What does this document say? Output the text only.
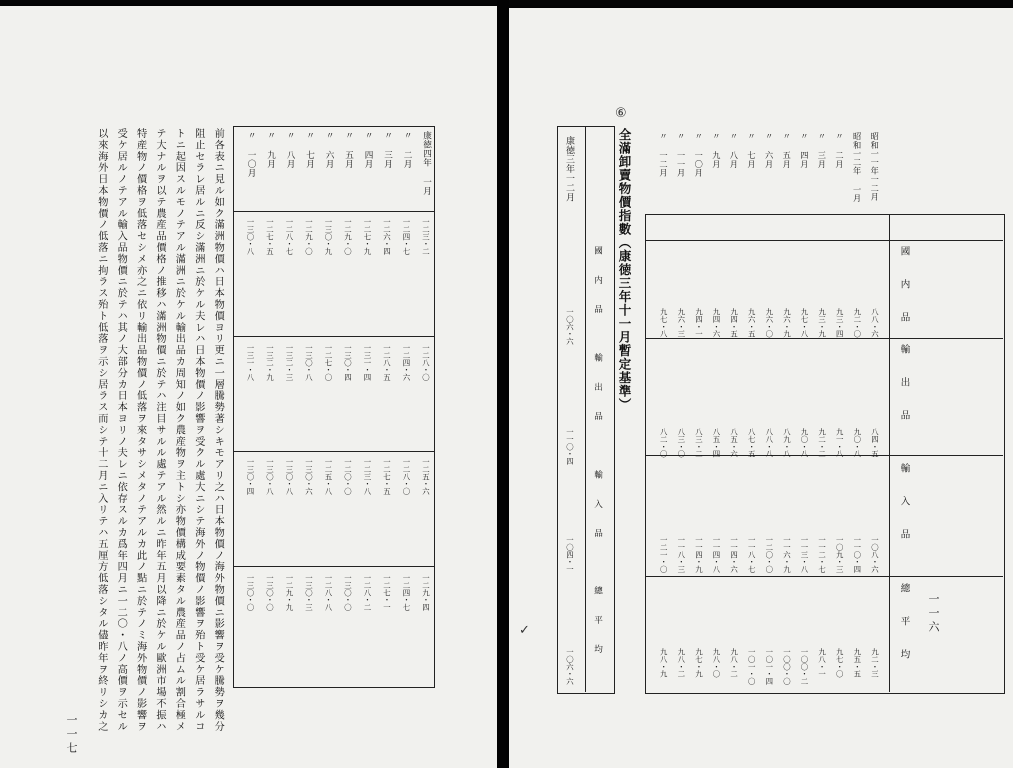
康徳四年 一月
一二三・二
一二八・〇
一二五・六
一二九・四
〃 二月
一二四・七
一二四・六
一二八・〇
一二四・七
〃 三月
一二六・四
一二八・五
一二七・五
一二七・一
〃 四月
一二七・九
一三一・四
一二三・八
一二八・二
〃 五月
一二九・〇
一三〇・四
一二〇・〇
一三〇・〇
〃 六月
一三〇・九
一二七・〇
一二五・八
一二八・八
〃 七月
一二九・〇
一三〇・八
一三〇・六
一三〇・三
〃 八月
一二八・七
一三二・三
一三〇・八
一二九・九
〃 九月
一二七・五
一三二・九
一三〇・八
一三〇・〇
〃 一〇月
一三〇・八
一三一・八
一三〇・四
一三〇・〇
前各表ニ見ル如ク滿洲物價ハ日本物價ヨリ更ニ一層騰勢著シキモアリ之ハ日本物價ノ海外物價ニ影響ヲ受ケ騰勢ヲ幾分
阻止セラレ居ルニ反シ滿洲ニ於ケル夫レハ日本物價ノ影響ヲ受クル處大ニシテ海外ノ物價ノ影響ヲ殆ト受ケ居ラサルコ
トニ起因スルモノテアル滿洲ニ於ケル輸出品カ周知ノ如ク農産物ヲ主トシ亦物價構成要素タル農産品ノ占ムル割合極メ
テ大ナルヲ以テ農産品價格ノ推移ハ滿洲物價ニ於テハ注目サルル處テアル然ルニ昨年五月以降ニ於ケル歐洲市場不振ハ
特産物ノ價格ヲ低落セシメ亦之ニ依リ輸出品物價ノ低落ヲ來タサシメタノテアルカ此ノ點ニ於テノミ海外物價ノ影響ヲ
受ケ居ルノテアル輸入品物價ニ於テハ其ノ大部分カ日本ヨリノ夫レニ依存スルカ爲年四月ニ一二〇・八ノ高價ヲ示セル
以來海外日本物價ノ低落ニ拘ラス殆ト低落ヲ示シ居ラス而シテ十二月ニ入リテハ五厘方低落シタル儘昨年ヲ終リシカ之
一一七
⑥
全滿卸賣物價指數（康徳三年十一月暫定基準）	國　内　品
輸　出　品
輸　入　品
總　平　均
昭和一一年一二月
八八・六
八四・五
一〇八・六
九二・三
昭和一二年 一月
九二・〇
九〇・八
一一〇・四
九五・五
〃 二月
九三・四
九一・八
一〇九・三
九七・〇
〃 三月
九三・九
九二・二
一一二・七
九八・一
〃 四月
九七・八
九〇・八
一一三・八
一〇〇・二
〃 五月
九六・九
八九・八
一一六・九
一〇〇・〇
〃 六月
九六・〇
八八・八
一二〇・〇
一〇一・四
〃 七月
九六・五
八七・五
一一八・七
一〇一・〇
〃 八月
九四・五
八五・六
一一四・六
九八・二
〃 九月
九四・六
八五・四
一一四・八
九八・〇
〃 一〇月
九四・一
八三・二
一一四・九
九七・九
〃 一一月
九六・三
八三・〇
一一八・三
九八・二
〃 一二月
九七・八
八二・〇
一二一・〇
九八・九
康徳三年一二月
國　内　品
輸　出　品
輸　入　品
總　平　均
一〇六・六
一一〇・四
一〇四・一
一〇六・六
✓	一一六
